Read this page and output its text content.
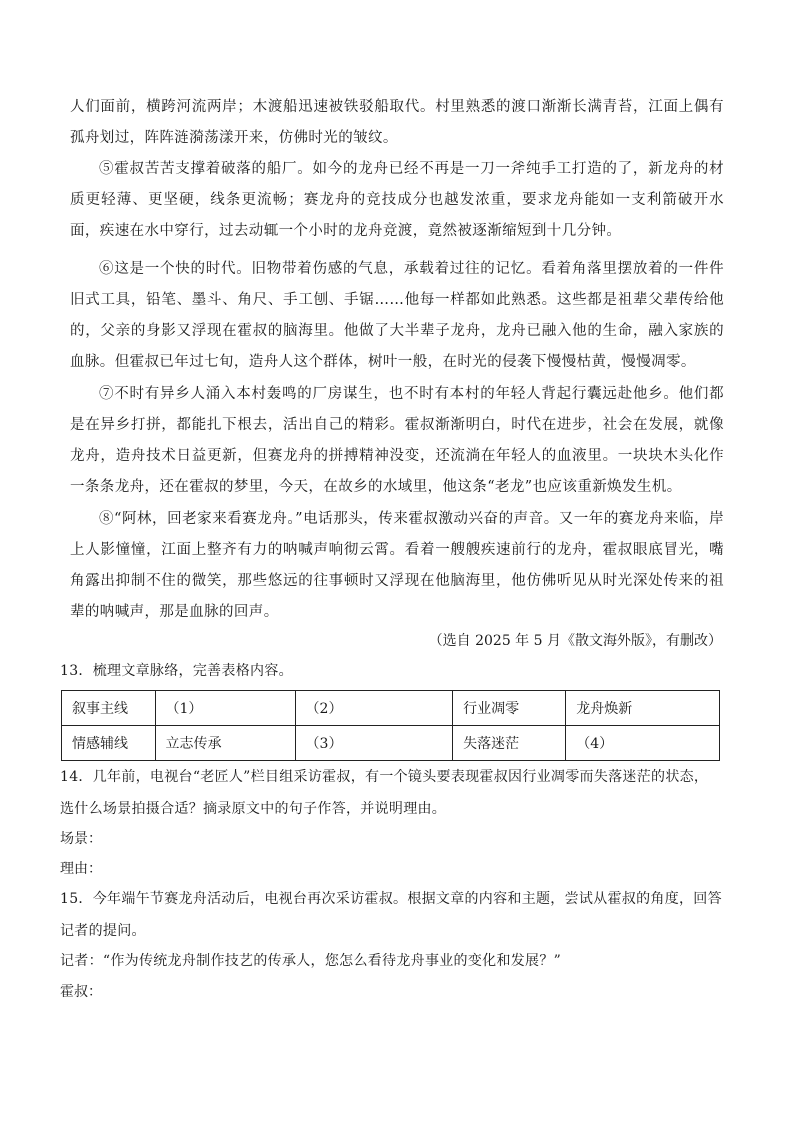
人们面前，横跨河流两岸；木渡船迅速被铁驳船取代。村里熟悉的渡口渐渐长满青苔，江面上偶有孤舟划过，阵阵涟漪荡漾开来，仿佛时光的皱纹。
⑤霍叔苦苦支撑着破落的船厂。如今的龙舟已经不再是一刀一斧纯手工打造的了，新龙舟的材质更轻薄、更坚硬，线条更流畅；赛龙舟的竞技成分也越发浓重，要求龙舟能如一支利箭破开水面，疾速在水中穿行，过去动辄一个小时的龙舟竞渡，竟然被逐渐缩短到十几分钟。
⑥这是一个快的时代。旧物带着伤感的气息，承载着过往的记忆。看着角落里摆放着的一件件旧式工具，铅笔、墨斗、角尺、手工刨、手锯……他每一样都如此熟悉。这些都是祖辈父辈传给他的，父亲的身影又浮现在霍叔的脑海里。他做了大半辈子龙舟，龙舟已融入他的生命，融入家族的血脉。但霍叔已年过七旬，造舟人这个群体，树叶一般，在时光的侵袭下慢慢枯黄，慢慢凋零。
⑦不时有异乡人涌入本村轰鸣的厂房谋生，也不时有本村的年轻人背起行囊远赴他乡。他们都是在异乡打拼，都能扎下根去，活出自己的精彩。霍叔渐渐明白，时代在进步，社会在发展，就像龙舟，造舟技术日益更新，但赛龙舟的拼搏精神没变，还流淌在年轻人的血液里。一块块木头化作一条条龙舟，还在霍叔的梦里，今天，在故乡的水域里，他这条“老龙”也应该重新焕发生机。
⑧“阿林，回老家来看赛龙舟。”电话那头，传来霍叔激动兴奋的声音。又一年的赛龙舟来临，岸上人影憧憧，江面上整齐有力的呐喊声响彻云霄。看着一艘艘疾速前行的龙舟，霍叔眼底冒光，嘴角露出抑制不住的微笑，那些悠远的往事顿时又浮现在他脑海里，他仿佛听见从时光深处传来的祖辈的呐喊声，那是血脉的回声。
（选自 2025 年 5 月《散文海外版》，有删改）
13．梳理文章脉络，完善表格内容。
叙事主线	（1）	（2）	行业凋零	龙舟焕新
情感辅线	立志传承	（3）	失落迷茫	（4）
14．几年前，电视台“老匠人”栏目组采访霍叔，有一个镜头要表现霍叔因行业凋零而失落迷茫的状态，
选什么场景拍摄合适？摘录原文中的句子作答，并说明理由。
场景：
理由：
15．今年端午节赛龙舟活动后，电视台再次采访霍叔。根据文章的内容和主题，尝试从霍叔的角度，回答
记者的提问。
记者：“作为传统龙舟制作技艺的传承人，您怎么看待龙舟事业的变化和发展？”
霍叔：
